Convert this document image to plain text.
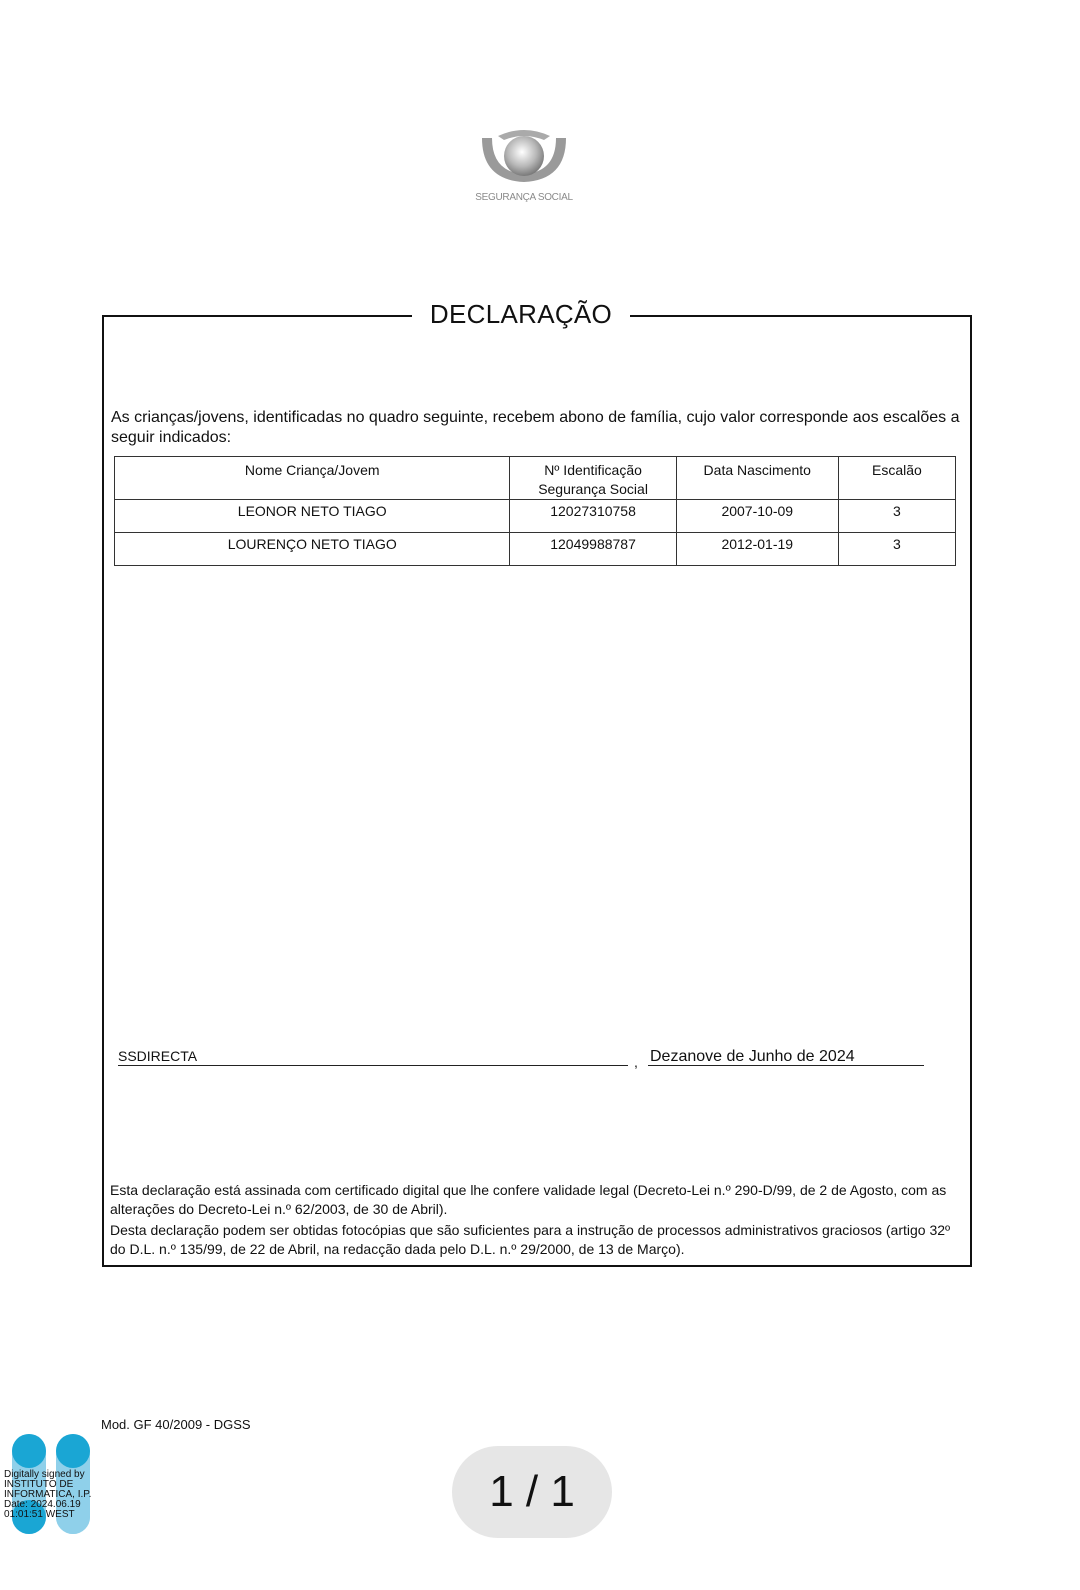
SEGURANÇA SOCIAL
DECLARAÇÃO
As crianças/jovens, identificadas no quadro seguinte, recebem abono de família, cujo valor corresponde aos escalões a seguir indicados:
Nome Criança/Jovem	Nº Identificação Segurança Social	Data Nascimento	Escalão
LEONOR NETO TIAGO	12027310758	2007-10-09	3
LOURENÇO NETO TIAGO	12049988787	2012-01-19	3
SSDIRECTA	, Dezanove de Junho de 2024
Esta declaração está assinada com certificado digital que lhe confere validade legal (Decreto-Lei n.º 290-D/99, de 2 de Agosto, com as alterações do Decreto-Lei n.º 62/2003, de 30 de Abril).
Desta declaração podem ser obtidas fotocópias que são suficientes para a instrução de processos administrativos graciosos (artigo 32º do D.L. n.º 135/99, de 22 de Abril, na redacção dada pelo D.L. n.º 29/2000, de 13 de Março).
Mod. GF 40/2009 - DGSS
Digitally signed by
INSTITUTO DE
INFORMATICA, I.P.
Date: 2024.06.19
01:01:51 WEST	1 / 1
